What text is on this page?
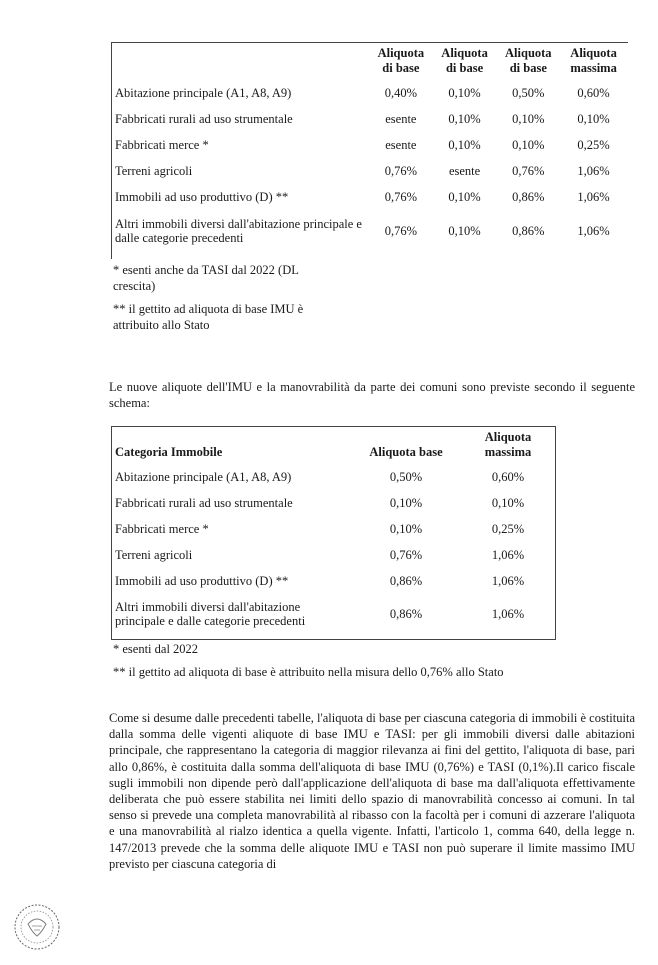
	Aliquota di base	Aliquota di base	Aliquota di base	Aliquota massima
Abitazione principale (A1, A8, A9)	0,40%	0,10%	0,50%	0,60%
Fabbricati rurali ad uso strumentale	esente	0,10%	0,10%	0,10%
Fabbricati merce *	esente	0,10%	0,10%	0,25%
Terreni agricoli	0,76%	esente	0,76%	1,06%
Immobili ad uso produttivo (D) **	0,76%	0,10%	0,86%	1,06%
Altri immobili diversi dall'abitazione principale e dalle categorie precedenti	0,76%	0,10%	0,86%	1,06%
* esenti anche da TASI dal 2022 (DL crescita)
** il gettito ad aliquota di base IMU è attribuito allo Stato
Le nuove aliquote dell'IMU e la manovrabilità da parte dei comuni sono previste secondo il seguente schema:
Categoria Immobile	Aliquota base	Aliquota massima
Abitazione principale (A1, A8, A9)	0,50%	0,60%
Fabbricati rurali ad uso strumentale	0,10%	0,10%
Fabbricati merce *	0,10%	0,25%
Terreni agricoli	0,76%	1,06%
Immobili ad uso produttivo (D) **	0,86%	1,06%
Altri immobili diversi dall'abitazione principale e dalle categorie precedenti	0,86%	1,06%
* esenti dal 2022
** il gettito ad aliquota di base è attribuito nella misura dello 0,76% allo Stato
Come si desume dalle precedenti tabelle, l'aliquota di base per ciascuna categoria di immobili è costituita dalla somma delle vigenti aliquote di base IMU e TASI: per gli immobili diversi dalle abitazioni principale, che rappresentano la categoria di maggior rilevanza ai fini del gettito, l'aliquota di base, pari allo 0,86%, è costituita dalla somma dell'aliquota di base IMU (0,76%) e TASI (0,1%).Il carico fiscale sugli immobili non dipende però dall'applicazione dell'aliquota di base ma dall'aliquota effettivamente deliberata che può essere stabilita nei limiti dello spazio di manovrabilità concesso ai comuni. In tal senso si prevede una completa manovrabilità al ribasso con la facoltà per i comuni di azzerare l'aliquota e una manovrabilità al rialzo identica a quella vigente. Infatti, l'articolo 1, comma 640, della legge n. 147/2013 prevede che la somma delle aliquote IMU e TASI non può superare il limite massimo IMU previsto per ciascuna categoria di
